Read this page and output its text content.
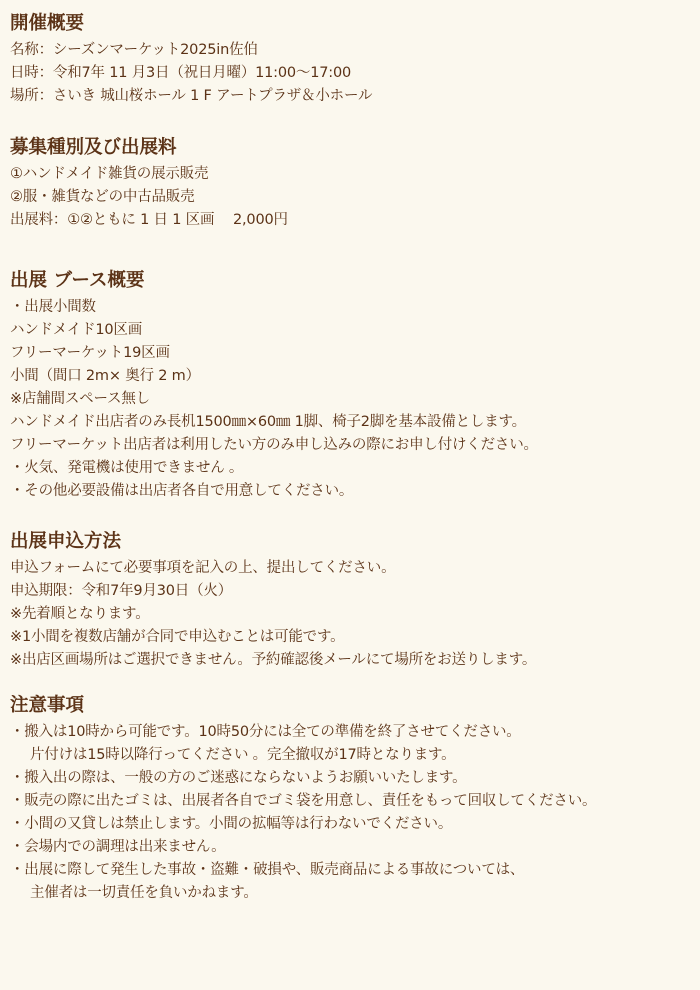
開催概要
名称：シーズンマーケット2025in佐伯
日時：令和7年 11 月3日（祝日月曜）11:00〜17:00
場所：さいき 城山桜ホール 1 F アートプラザ＆小ホール
募集種別及び出展料
①ハンドメイド雑貨の展示販売
②服・雑貨などの中古品販売
出展料：①②ともに 1 日 1 区画　 2,000円
出展 ブース概要
・出展小間数
ハンドメイド10区画
フリーマーケット19区画
小間（間口 2m× 奥行 2 m）
※店舗間スペース無し
ハンドメイド出店者のみ長机1500㎜×60㎜ 1脚、椅子2脚を基本設備とします。
フリーマーケット出店者は利用したい方のみ申し込みの際にお申し付けください。
・火気、発電機は使用できません 。
・その他必要設備は出店者各自で用意してください。
出展申込方法
申込フォームにて必要事項を記入の上、提出してください。
申込期限：令和7年9月30日（火）
※先着順となります。
※1小間を複数店舗が合同で申込むことは可能です。
※出店区画場所はご選択できません。予約確認後メールにて場所をお送りします。
注意事項
・搬入は10時から可能です。10時50分には全ての準備を終了させてください。
片付けは15時以降行ってください 。完全撤収が17時となります。
・搬入出の際は、一般の方のご迷惑にならないようお願いいたします。
・販売の際に出たゴミは、出展者各自でゴミ袋を用意し、責任をもって回収してください。
・小間の又貸しは禁止します。小間の拡幅等は行わないでください。
・会場内での調理は出来ません。
・出展に際して発生した事故・盗難・破損や、販売商品による事故については、
主催者は一切責任を負いかねます。
